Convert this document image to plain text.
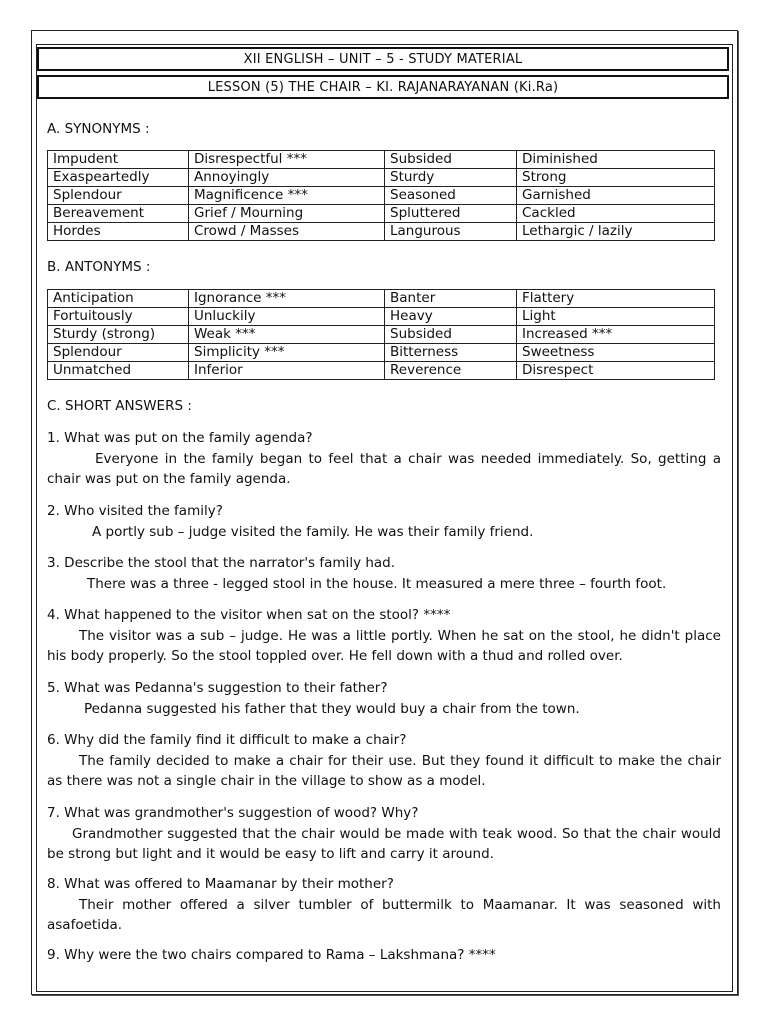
XII ENGLISH – UNIT – 5 - STUDY MATERIAL
LESSON (5) THE CHAIR – KI. RAJANARAYANAN (Ki.Ra)
A. SYNONYMS :
Impudent	Disrespectful ***	Subsided	Diminished
Exaspeartedly	Annoyingly	Sturdy	Strong
Splendour	Magnificence ***	Seasoned	Garnished
Bereavement	Grief / Mourning	Spluttered	Cackled
Hordes	Crowd / Masses	Langurous	Lethargic / lazily
B. ANTONYMS :
Anticipation	Ignorance ***	Banter	Flattery
Fortuitously	Unluckily	Heavy	Light
Sturdy (strong)	Weak ***	Subsided	Increased ***
Splendour	Simplicity ***	Bitterness	Sweetness
Unmatched	Inferior	Reverence	Disrespect
C. SHORT ANSWERS :

1. What was put on the family agenda?

Everyone in the family began to feel that a chair was needed immediately. So, getting a chair was put on the family agenda.

2. Who visited the family?

A portly sub – judge visited the family. He was their family friend.

3. Describe the stool that the narrator's family had.

There was a three - legged stool in the house. It measured a mere three – fourth foot.

4. What happened to the visitor when sat on the stool? ****

The visitor was a sub – judge. He was a little portly. When he sat on the stool, he didn't place his body properly. So the stool toppled over. He fell down with a thud and rolled over.

5. What was Pedanna's suggestion to their father?

Pedanna suggested his father that they would buy a chair from the town.

6. Why did the family find it difficult to make a chair?

The family decided to make a chair for their use. But they found it difficult to make the chair as there was not a single chair in the village to show as a model.

7. What was grandmother's suggestion of wood? Why?

Grandmother suggested that the chair would be made with teak wood. So that the chair would be strong but light and it would be easy to lift and carry it around.

8. What was offered to Maamanar by their mother?

Their mother offered a silver tumbler of buttermilk to Maamanar. It was seasoned with asafoetida.

9. Why were the two chairs compared to Rama – Lakshmana? ****
